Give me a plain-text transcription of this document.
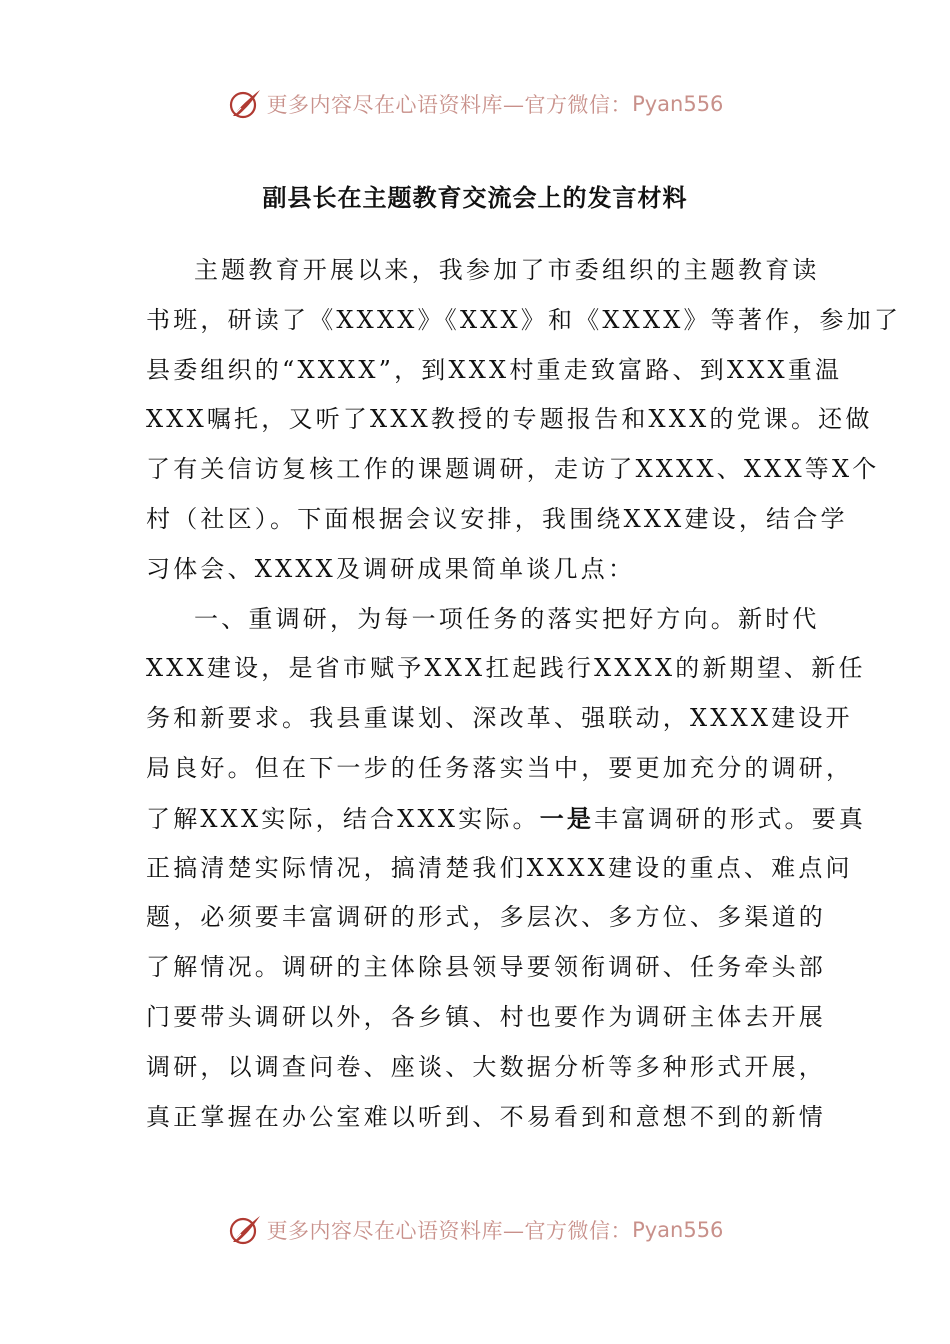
更多内容尽在心语资料库—官方微信： Pyan556
副县长在主题教育交流会上的发言材料
主题教育开展以来，我参加了市委组织的主题教育读
书班，研读了《XXXX》《XXX》和《XXXX》等著作，参加了
县委组织的“XXXX”，到XXX村重走致富路、到XXX重温
XXX嘱托，又听了XXX教授的专题报告和XXX的党课。还做
了有关信访复核工作的课题调研，走访了XXXX、XXX等X个
村（社区）。下面根据会议安排，我围绕XXX建设，结合学
习体会、XXXX及调研成果简单谈几点：
一、重调研，为每一项任务的落实把好方向。新时代
XXX建设，是省市赋予XXX扛起践行XXXX的新期望、新任
务和新要求。我县重谋划、深改革、强联动，XXXX建设开
局良好。但在下一步的任务落实当中，要更加充分的调研，
了解XXX实际，结合XXX实际。一是丰富调研的形式。要真
正搞清楚实际情况，搞清楚我们XXXX建设的重点、难点问
题，必须要丰富调研的形式，多层次、多方位、多渠道的
了解情况。调研的主体除县领导要领衔调研、任务牵头部
门要带头调研以外，各乡镇、村也要作为调研主体去开展
调研，以调查问卷、座谈、大数据分析等多种形式开展，
真正掌握在办公室难以听到、不易看到和意想不到的新情
更多内容尽在心语资料库—官方微信： Pyan556
